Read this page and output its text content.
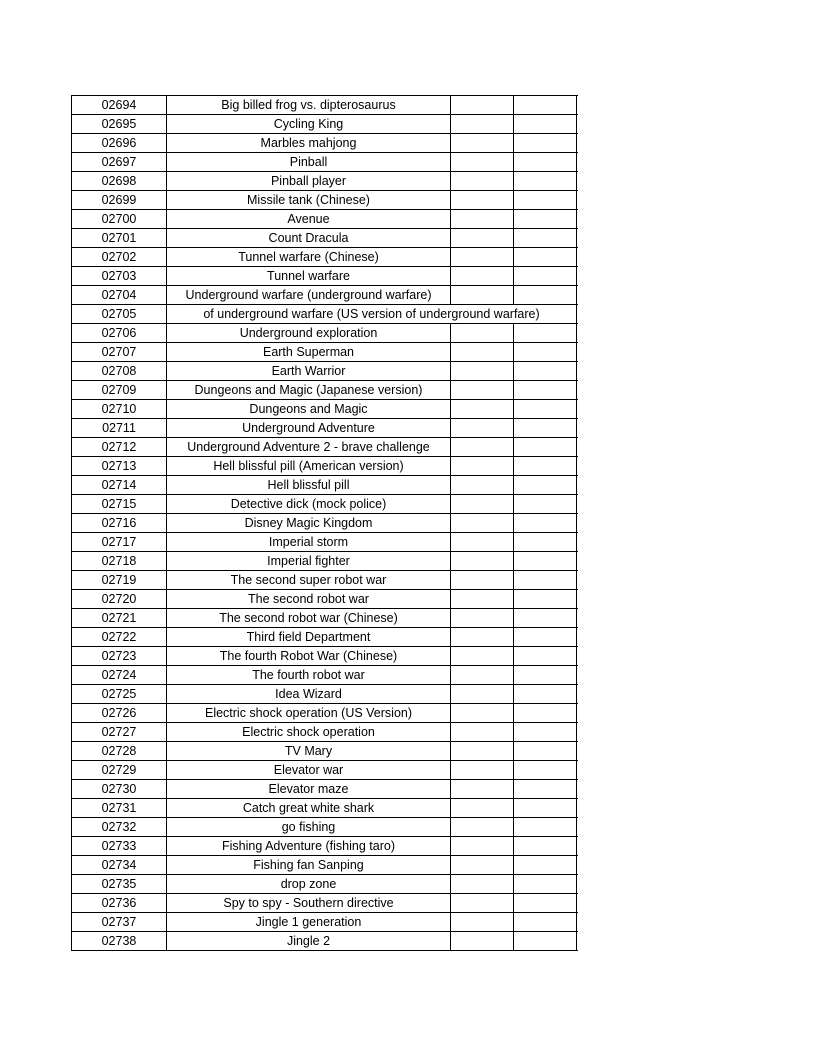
02694	Big billed frog vs. dipterosaurus
02695	Cycling King
02696	Marbles mahjong
02697	Pinball
02698	Pinball player
02699	Missile tank (Chinese)
02700	Avenue
02701	Count Dracula
02702	Tunnel warfare (Chinese)
02703	Tunnel warfare
02704	Underground warfare (underground warfare)
02705	of underground warfare (US version of underground warfare)
02706	Underground exploration
02707	Earth Superman
02708	Earth Warrior
02709	Dungeons and Magic (Japanese version)
02710	Dungeons and Magic
02711	Underground Adventure
02712	Underground Adventure 2 - brave challenge
02713	Hell blissful pill (American version)
02714	Hell blissful pill
02715	Detective dick (mock police)
02716	Disney Magic Kingdom
02717	Imperial storm
02718	Imperial fighter
02719	The second super robot war
02720	The second robot war
02721	The second robot war (Chinese)
02722	Third field Department
02723	The fourth Robot War (Chinese)
02724	The fourth robot war
02725	Idea Wizard
02726	Electric shock operation (US Version)
02727	Electric shock operation
02728	TV Mary
02729	Elevator war
02730	Elevator maze
02731	Catch great white shark
02732	go fishing
02733	Fishing Adventure (fishing taro)
02734	Fishing fan Sanping
02735	drop zone
02736	Spy to spy - Southern directive
02737	Jingle 1 generation
02738	Jingle 2
